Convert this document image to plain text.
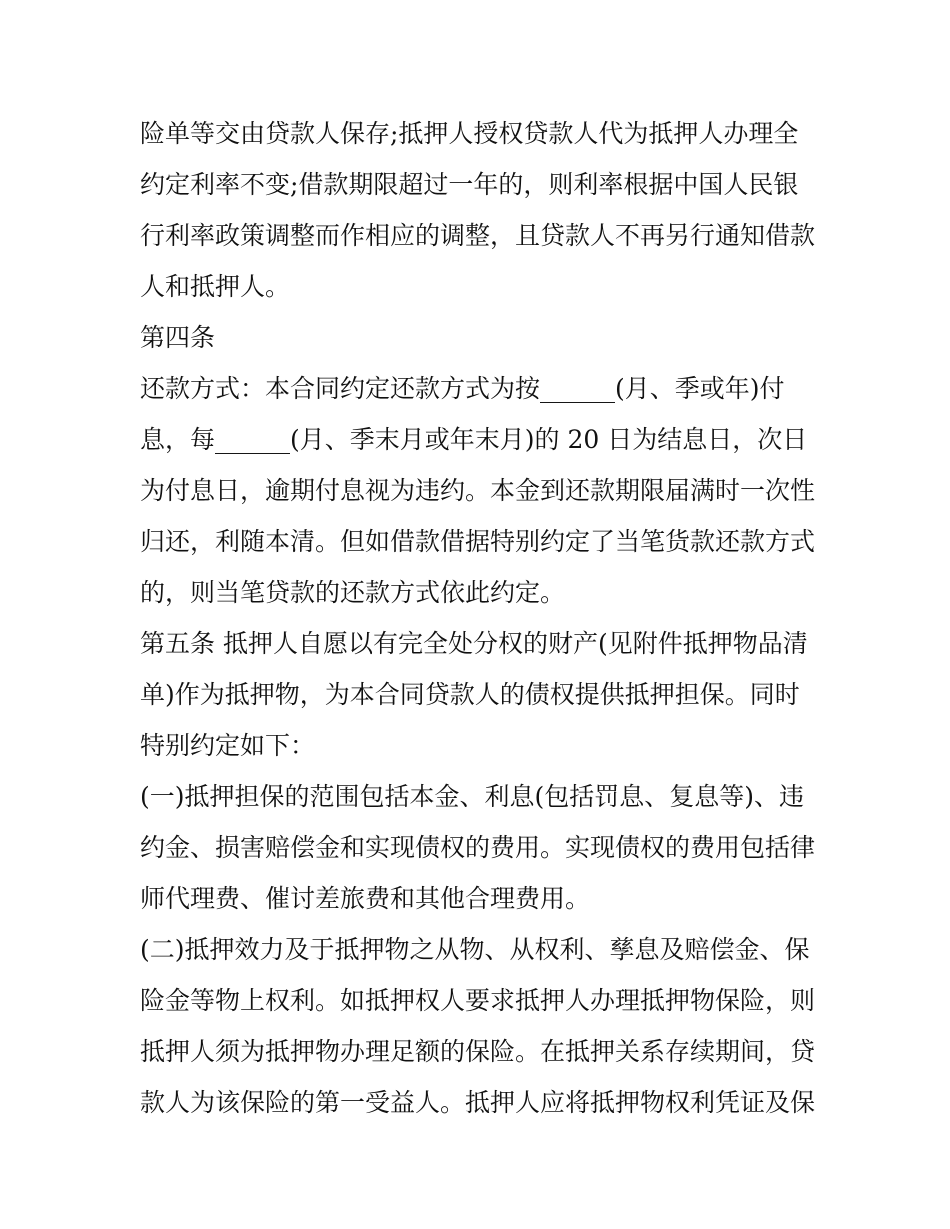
险单等交由贷款人保存;抵押人授权贷款人代为抵押人办理全
约定利率不变;借款期限超过一年的，则利率根据中国人民银
行利率政策调整而作相应的调整，且贷款人不再另行通知借款
人和抵押人。
第四条
还款方式：本合同约定还款方式为按______(月、季或年)付
息，每______(月、季末月或年末月)的 20 日为结息日，次日
为付息日，逾期付息视为违约。本金到还款期限届满时一次性
归还，利随本清。但如借款借据特别约定了当笔货款还款方式
的，则当笔贷款的还款方式依此约定。
第五条 抵押人自愿以有完全处分权的财产(见附件抵押物品清
单)作为抵押物，为本合同贷款人的债权提供抵押担保。同时
特别约定如下：
(一)抵押担保的范围包括本金、利息(包括罚息、复息等)、违
约金、损害赔偿金和实现债权的费用。实现债权的费用包括律
师代理费、催讨差旅费和其他合理费用。
(二)抵押效力及于抵押物之从物、从权利、孳息及赔偿金、保
险金等物上权利。如抵押权人要求抵押人办理抵押物保险，则
抵押人须为抵押物办理足额的保险。在抵押关系存续期间，贷
款人为该保险的第一受益人。抵押人应将抵押物权利凭证及保
